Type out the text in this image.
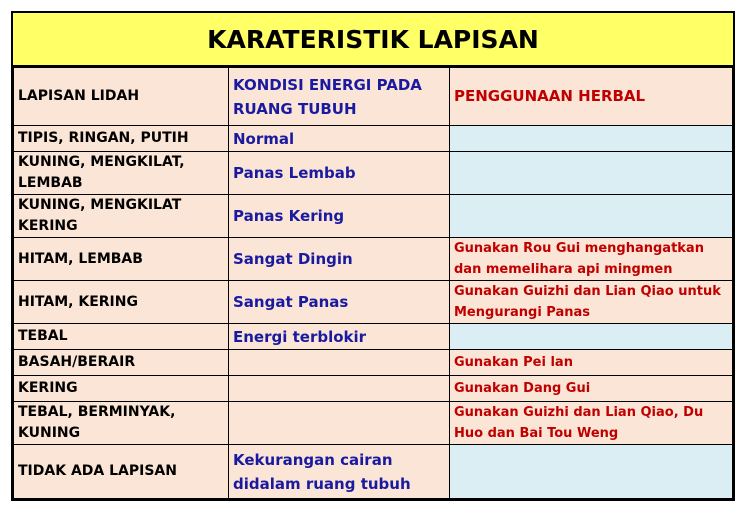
KARATERISTIK LAPISAN
LAPISAN LIDAH	KONDISI ENERGI PADA RUANG TUBUH	PENGGUNAAN HERBAL
TIPIS, RINGAN, PUTIH	Normal	
KUNING, MENGKILAT, LEMBAB	Panas Lembab	
KUNING, MENGKILAT KERING	Panas Kering	
HITAM, LEMBAB	Sangat Dingin	Gunakan Rou Gui menghangatkan dan memelihara api mingmen
HITAM, KERING	Sangat Panas	Gunakan Guizhi dan Lian Qiao untuk Mengurangi Panas
TEBAL	Energi terblokir	
BASAH/BERAIR		Gunakan Pei lan
KERING		Gunakan Dang Gui
TEBAL, BERMINYAK, KUNING		Gunakan Guizhi dan Lian Qiao, Du Huo dan Bai Tou Weng
TIDAK ADA LAPISAN	Kekurangan cairan didalam ruang tubuh	
